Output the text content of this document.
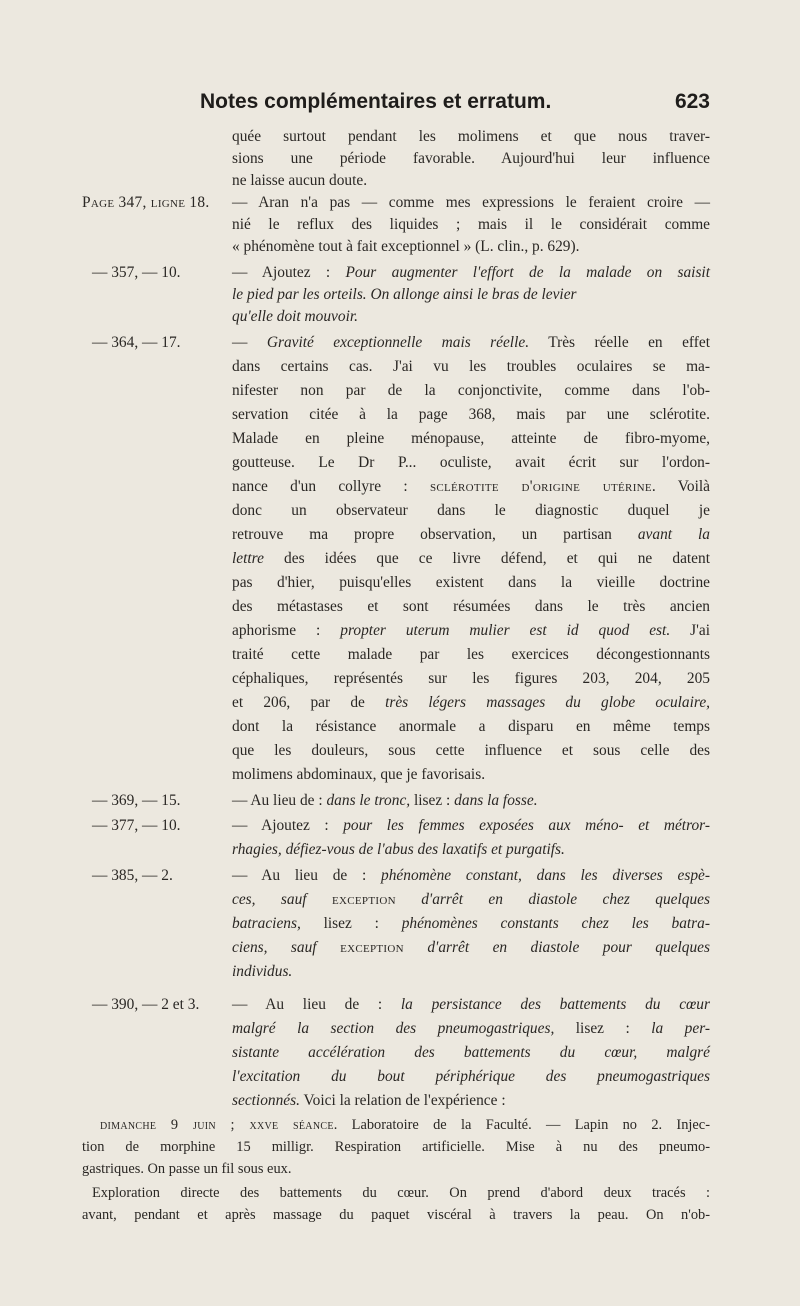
Notes complémentaires et erratum.	623
quée surtout pendant les molimens et que nous traver-
sions une période favorable. Aujourd'hui leur influence
ne laisse aucun doute.
Page 347, ligne 18. — Aran n'a pas — comme mes expressions le feraient croire —
nié le reflux des liquides ; mais il le considérait comme
« phénomène tout à fait exceptionnel » (L. clin., p. 629).
— 357, — 10.	— Ajoutez : Pour augmenter l'effort de la malade on saisit
le pied par les orteils. On allonge ainsi le bras de levier
qu'elle doit mouvoir.
— 364, — 17.	— Gravité exceptionnelle mais réelle. Très réelle en effet
dans certains cas. J'ai vu les troubles oculaires se ma-
nifester non par de la conjonctivite, comme dans l'ob-
servation citée à la page 368, mais par une sclérotite.
Malade en pleine ménopause, atteinte de fibro-myome,
goutteuse. Le Dr P... oculiste, avait écrit sur l'ordon-
nance d'un collyre : sclérotite d'origine utérine. Voilà
donc un observateur dans le diagnostic duquel je
retrouve ma propre observation, un partisan avant la
lettre des idées que ce livre défend, et qui ne datent
pas d'hier, puisqu'elles existent dans la vieille doctrine
des métastases et sont résumées dans le très ancien
aphorisme : propter uterum mulier est id quod est. J'ai
traité cette malade par les exercices décongestionnants
céphaliques, représentés sur les figures 203, 204, 205
et 206, par de très légers massages du globe oculaire,
dont la résistance anormale a disparu en même temps
que les douleurs, sous cette influence et sous celle des
molimens abdominaux, que je favorisais.
— 369, — 15.	— Au lieu de : dans le tronc, lisez : dans la fosse.
— 377, — 10.	— Ajoutez : pour les femmes exposées aux méno- et métror-
rhagies, défiez-vous de l'abus des laxatifs et purgatifs.
— 385, — 2.	— Au lieu de : phénomène constant, dans les diverses espè-
ces, sauf exception d'arrêt en diastole chez quelques
batraciens, lisez : phénomènes constants chez les batra-
ciens, sauf exception d'arrêt en diastole pour quelques
individus.
— 390, — 2 et 3. — Au lieu de : la persistance des battements du cœur
malgré la section des pneumogastriques, lisez : la per-
sistante accélération des battements du cœur, malgré
l'excitation du bout périphérique des pneumogastriques
sectionnés. Voici la relation de l'expérience :
dimanche 9 juin ; xxve séance. Laboratoire de la Faculté. — Lapin no 2. Injec-
tion de morphine 15 milligr. Respiration artificielle. Mise à nu des pneumo-
gastriques. On passe un fil sous eux.
Exploration directe des battements du cœur. On prend d'abord deux tracés :
avant, pendant et après massage du paquet viscéral à travers la peau. On n'ob-
